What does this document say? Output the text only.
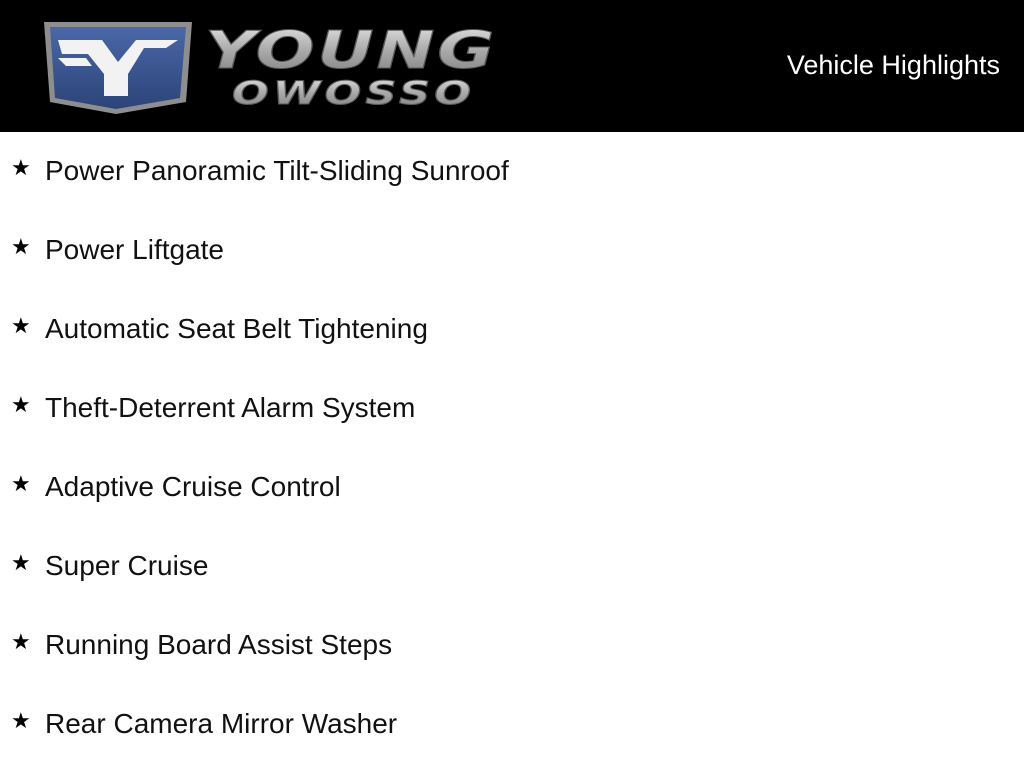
YOUNG
OWOSSO
Vehicle Highlights
★ Power Panoramic Tilt-Sliding Sunroof
★ Power Liftgate
★ Automatic Seat Belt Tightening
★ Theft-Deterrent Alarm System
★ Adaptive Cruise Control
★ Super Cruise
★ Running Board Assist Steps
★ Rear Camera Mirror Washer
